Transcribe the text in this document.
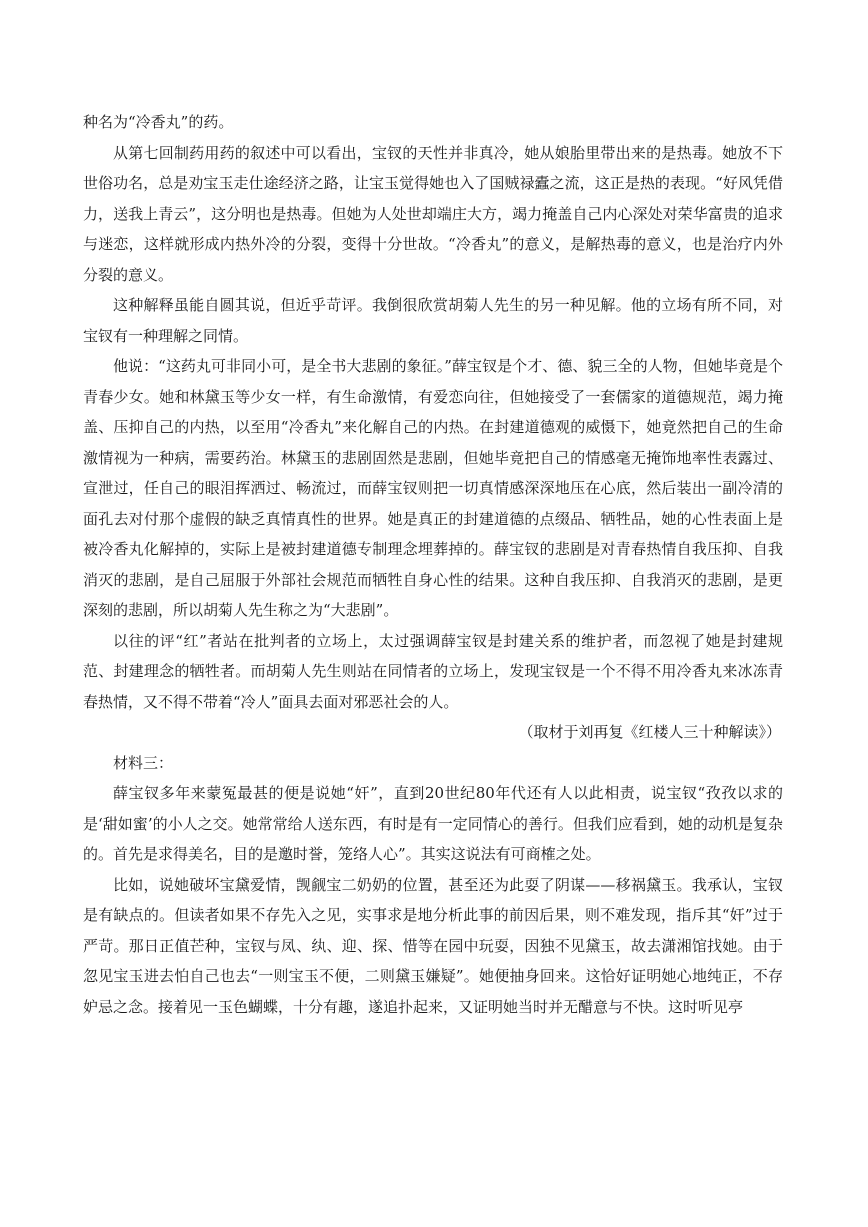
种名为“冷香丸”的药。

从第七回制药用药的叙述中可以看出，宝钗的天性并非真冷，她从娘胎里带出来的是热毒。她放不下世俗功名，总是劝宝玉走仕途经济之路，让宝玉觉得她也入了国贼禄蠹之流，这正是热的表现。“好风凭借力，送我上青云”，这分明也是热毒。但她为人处世却端庄大方，竭力掩盖自己内心深处对荣华富贵的追求与迷恋，这样就形成内热外冷的分裂，变得十分世故。“冷香丸”的意义，是解热毒的意义，也是治疗内外分裂的意义。

这种解释虽能自圆其说，但近乎苛评。我倒很欣赏胡菊人先生的另一种见解。他的立场有所不同，对宝钗有一种理解之同情。

他说：“这药丸可非同小可，是全书大悲剧的象征。”薛宝钗是个才、德、貌三全的人物，但她毕竟是个青春少女。她和林黛玉等少女一样，有生命激情，有爱恋向往，但她接受了一套儒家的道德规范，竭力掩盖、压抑自己的内热，以至用“冷香丸”来化解自己的内热。在封建道德观的威慑下，她竟然把自己的生命激情视为一种病，需要药治。林黛玉的悲剧固然是悲剧，但她毕竟把自己的情感毫无掩饰地率性表露过、宣泄过，任自己的眼泪挥洒过、畅流过，而薛宝钗则把一切真情感深深地压在心底，然后装出一副冷清的面孔去对付那个虚假的缺乏真情真性的世界。她是真正的封建道德的点缀品、牺牲品，她的心性表面上是被冷香丸化解掉的，实际上是被封建道德专制理念埋葬掉的。薛宝钗的悲剧是对青春热情自我压抑、自我消灭的悲剧，是自己屈服于外部社会规范而牺牲自身心性的结果。这种自我压抑、自我消灭的悲剧，是更深刻的悲剧，所以胡菊人先生称之为“大悲剧”。

以往的评“红”者站在批判者的立场上，太过强调薛宝钗是封建关系的维护者，而忽视了她是封建规范、封建理念的牺牲者。而胡菊人先生则站在同情者的立场上，发现宝钗是一个不得不用冷香丸来冰冻青春热情，又不得不带着“冷人”面具去面对邪恶社会的人。

（取材于刘再复《红楼人三十种解读》）

材料三：

薛宝钗多年来蒙冤最甚的便是说她“奸”，直到20世纪80年代还有人以此相责，说宝钗“孜孜以求的是‘甜如蜜’的小人之交。她常常给人送东西，有时是有一定同情心的善行。但我们应看到，她的动机是复杂的。首先是求得美名，目的是邀时誉，笼络人心”。其实这说法有可商榷之处。

比如，说她破坏宝黛爱情，觊觎宝二奶奶的位置，甚至还为此耍了阴谋——移祸黛玉。我承认，宝钗是有缺点的。但读者如果不存先入之见，实事求是地分析此事的前因后果，则不难发现，指斥其“奸”过于严苛。那日正值芒种，宝钗与凤、纨、迎、探、惜等在园中玩耍，因独不见黛玉，故去潇湘馆找她。由于忽见宝玉进去怕自己也去“一则宝玉不便，二则黛玉嫌疑”。她便抽身回来。这恰好证明她心地纯正，不存妒忌之念。接着见一玉色蝴蝶，十分有趣，遂追扑起来，又证明她当时并无醋意与不快。这时听见亭
